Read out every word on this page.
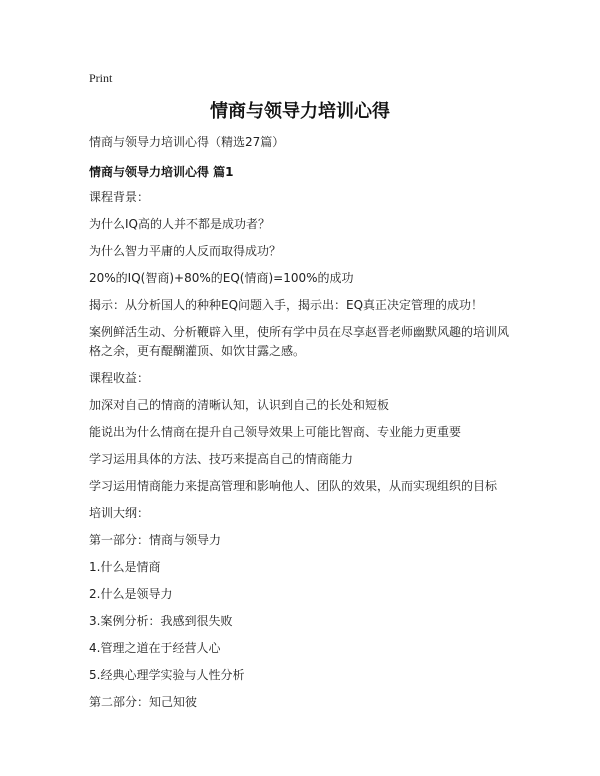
Print
情商与领导力培训心得
情商与领导力培训心得（精选27篇）
情商与领导力培训心得 篇1

课程背景：

为什么IQ高的人并不都是成功者？

为什么智力平庸的人反而取得成功？

20%的IQ(智商)+80%的EQ(情商)=100%的成功

揭示：从分析国人的种种EQ问题入手，揭示出：EQ真正决定管理的成功！

案例鲜活生动、分析鞭辟入里，使所有学中员在尽享赵晋老师幽默风趣的培训风格之余，更有醍醐灌顶、如饮甘露之感。

课程收益：

加深对自己的情商的清晰认知，认识到自己的长处和短板

能说出为什么情商在提升自己领导效果上可能比智商、专业能力更重要

学习运用具体的方法、技巧来提高自己的情商能力

学习运用情商能力来提高管理和影响他人、团队的效果，从而实现组织的目标

培训大纲：

第一部分：情商与领导力

1.什么是情商

2.什么是领导力

3.案例分析：我感到很失败

4.管理之道在于经营人心

5.经典心理学实验与人性分析

第二部分：知己知彼
